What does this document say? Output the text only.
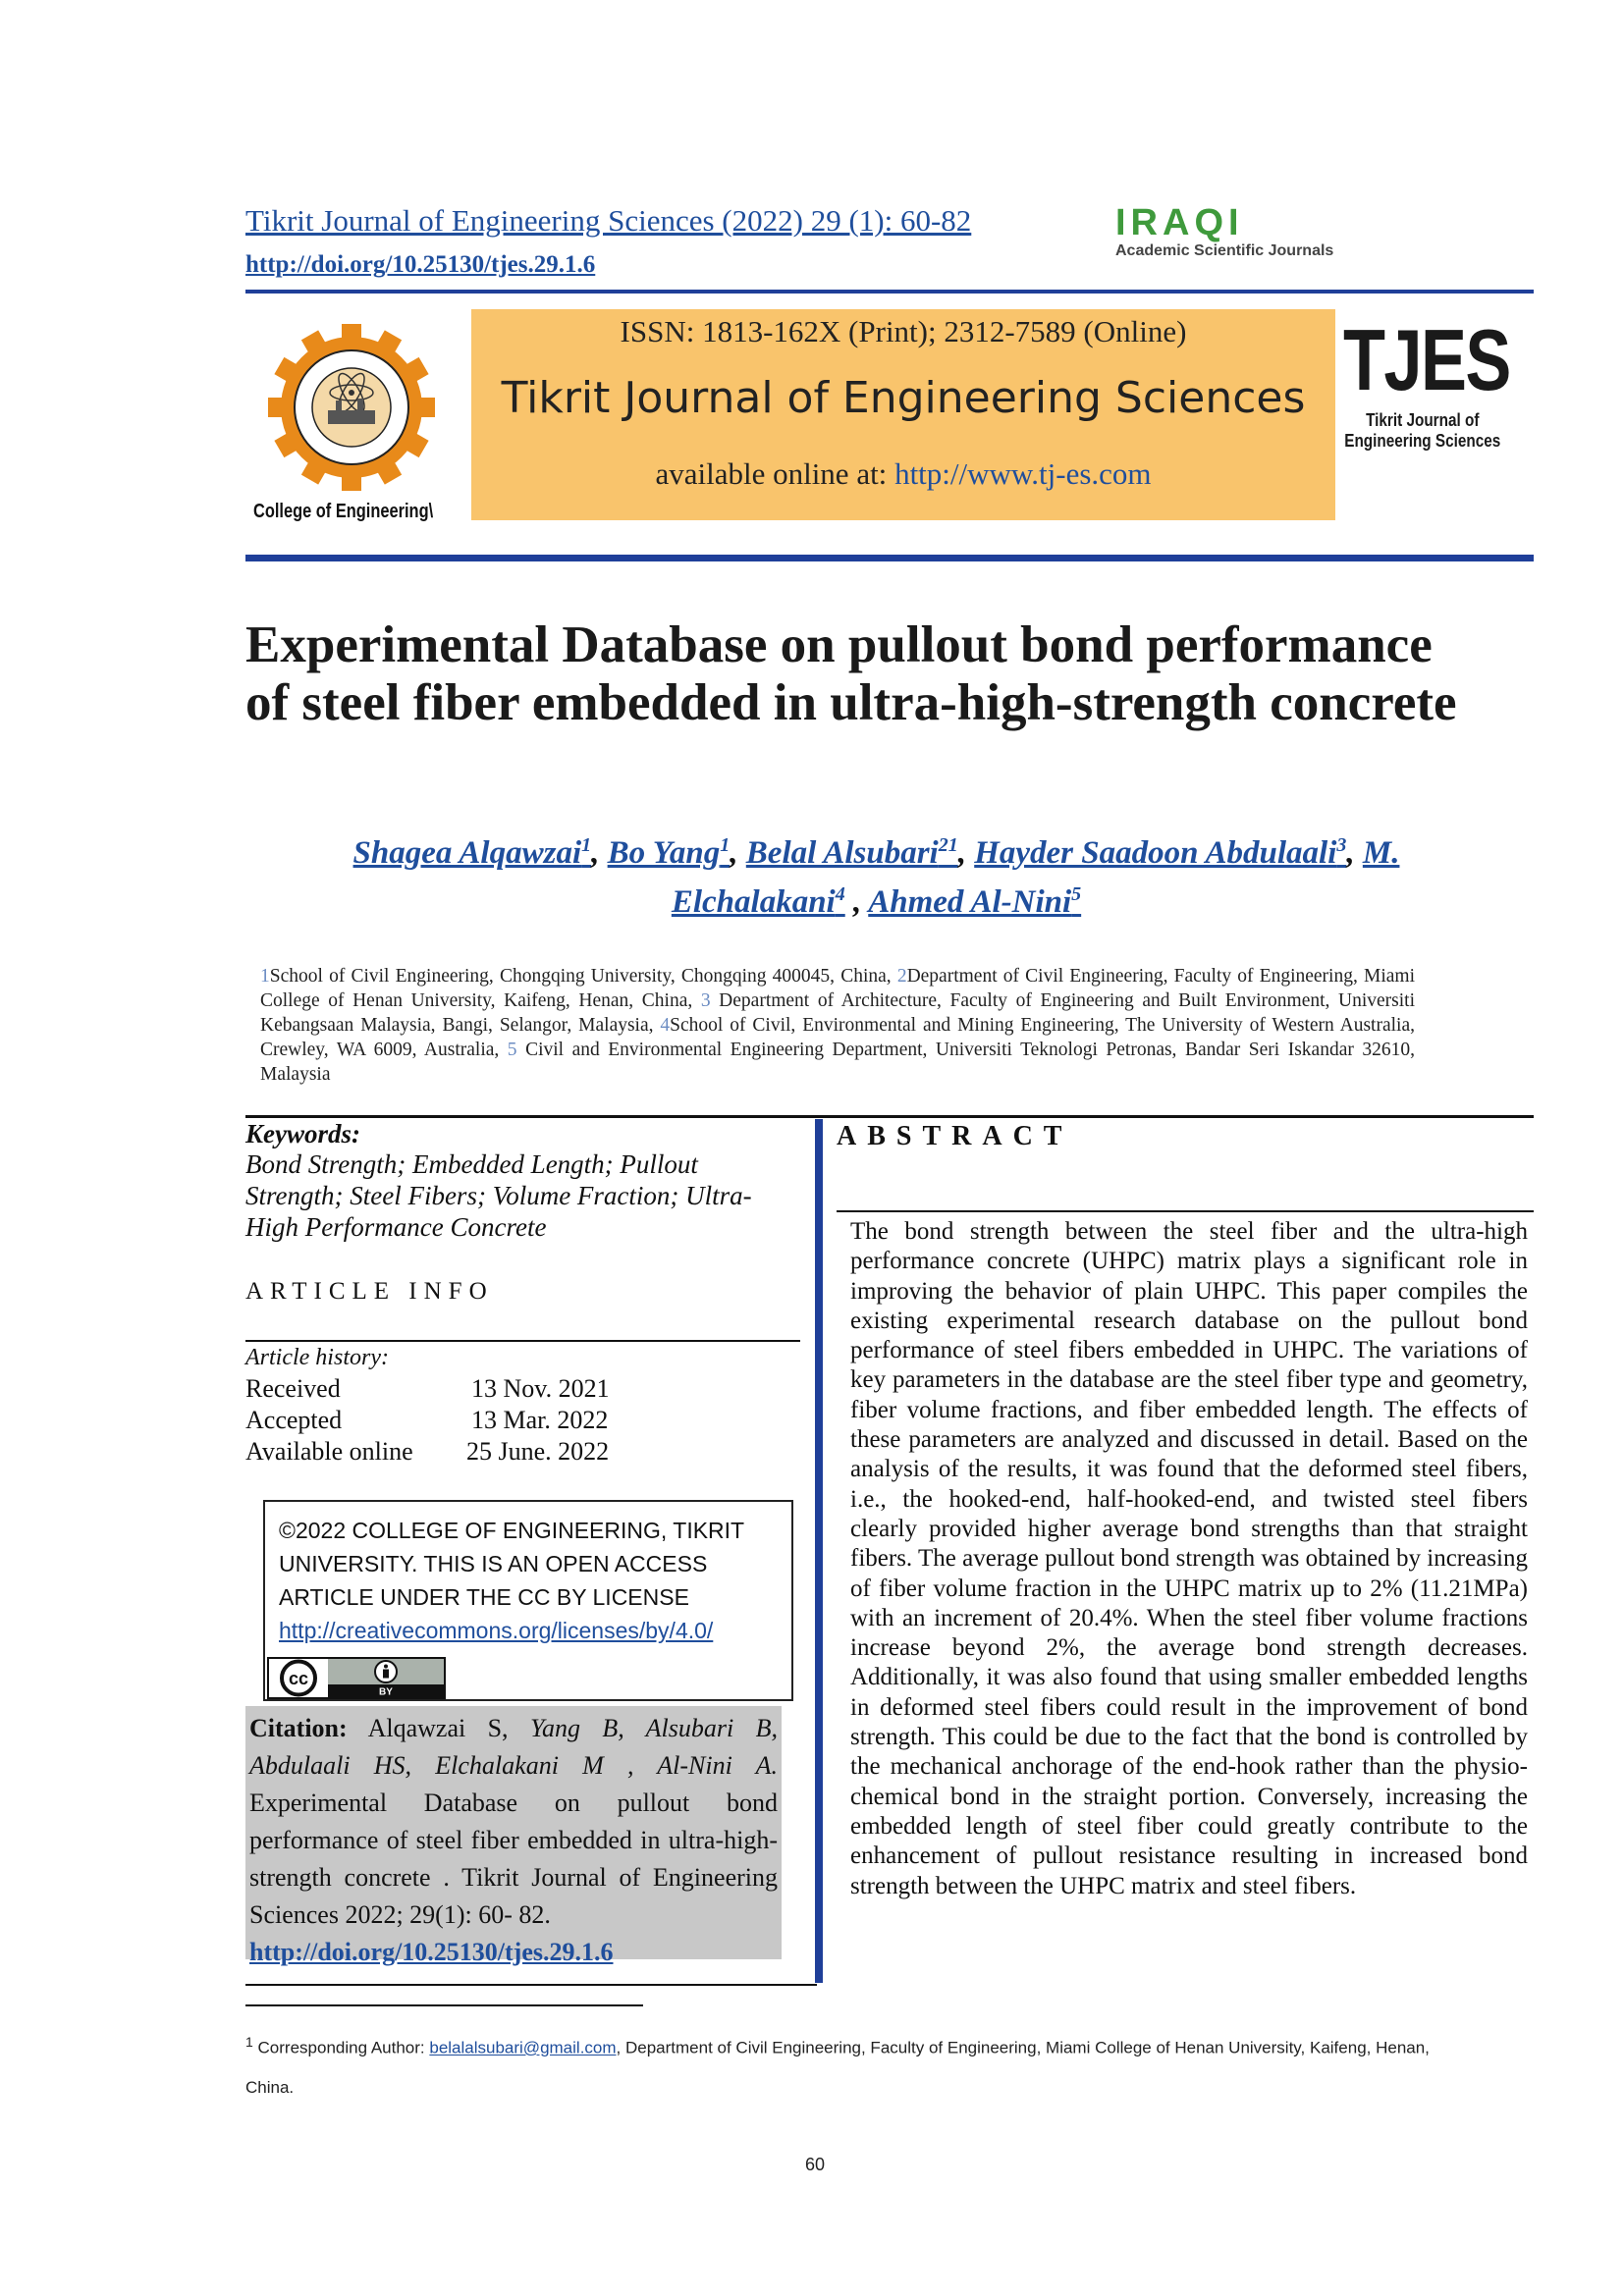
Tikrit Journal of Engineering Sciences (2022) 29 (1): 60-82
http://doi.org/10.25130/tjes.29.1.6
IRAQI
Academic Scientific Journals
College of Engineering\
ISSN: 1813-162X (Print); 2312-7589 (Online)
Tikrit Journal of Engineering Sciences
available online at: http://www.tj-es.com
TJES
Tikrit Journal of
Engineering Sciences
Experimental Database on pullout bond performance of steel fiber embedded in ultra-high-strength concrete
Shagea Alqawzai$^1$, Bo Yang$^1$, Belal Alsubari$^{21}$, Hayder Saadoon Abdulaali$^3$, M. Elchalakani$^4$ , Ahmed Al-Nini$^5$
1School of Civil Engineering, Chongqing University, Chongqing 400045, China, 2Department of Civil Engineering, Faculty of Engineering, Miami College of Henan University, Kaifeng, Henan, China, 3 Department of Architecture, Faculty of Engineering and Built Environment, Universiti Kebangsaan Malaysia, Bangi, Selangor, Malaysia, 4School of Civil, Environmental and Mining Engineering, The University of Western Australia, Crewley, WA 6009, Australia, 5 Civil and Environmental Engineering Department, Universiti Teknologi Petronas, Bandar Seri Iskandar 32610, Malaysia
Keywords:
Bond Strength; Embedded Length; Pullout Strength; Steel Fibers; Volume Fraction; Ultra-High Performance Concrete
ARTICLE INFO
Article history:
Received	13 Nov. 2021
Accepted	13 Mar. 2022
Available online 25 June. 2022
©2022 COLLEGE OF ENGINEERING, TIKRIT UNIVERSITY. THIS IS AN OPEN ACCESS ARTICLE UNDER THE CC BY LICENSE
http://creativecommons.org/licenses/by/4.0/
cc
BY
Citation: Alqawzai S, Yang B, Alsubari B, Abdulaali HS, Elchalakani M , Al-Nini A. Experimental Database on pullout bond performance of steel fiber embedded in ultra-high-strength concrete . Tikrit Journal of Engineering Sciences 2022; 29(1): 60- 82.
http://doi.org/10.25130/tjes.29.1.6
ABSTRACT
The bond strength between the steel fiber and the ultra-high performance concrete (UHPC) matrix plays a significant role in improving the behavior of plain UHPC. This paper compiles the existing experimental research database on the pullout bond performance of steel fibers embedded in UHPC. The variations of key parameters in the database are the steel fiber type and geometry, fiber volume fractions, and fiber embedded length. The effects of these parameters are analyzed and discussed in detail. Based on the analysis of the results, it was found that the deformed steel fibers, i.e., the hooked-end, half-hooked-end, and twisted steel fibers clearly provided higher average bond strengths than that straight fibers. The average pullout bond strength was obtained by increasing of fiber volume fraction in the UHPC matrix up to 2% (11.21MPa) with an increment of 20.4%. When the steel fiber volume fractions increase beyond 2%, the average bond strength decreases. Additionally, it was also found that using smaller embedded lengths in deformed steel fibers could result in the improvement of bond strength. This could be due to the fact that the bond is controlled by the mechanical anchorage of the end-hook rather than the physio-chemical bond in the straight portion. Conversely, increasing the embedded length of steel fiber could greatly contribute to the enhancement of pullout resistance resulting in increased bond strength between the UHPC matrix and steel fibers.
$^1$ Corresponding Author: belalalsubari@gmail.com, Department of Civil Engineering, Faculty of Engineering, Miami College of Henan University, Kaifeng, Henan, China.
60
